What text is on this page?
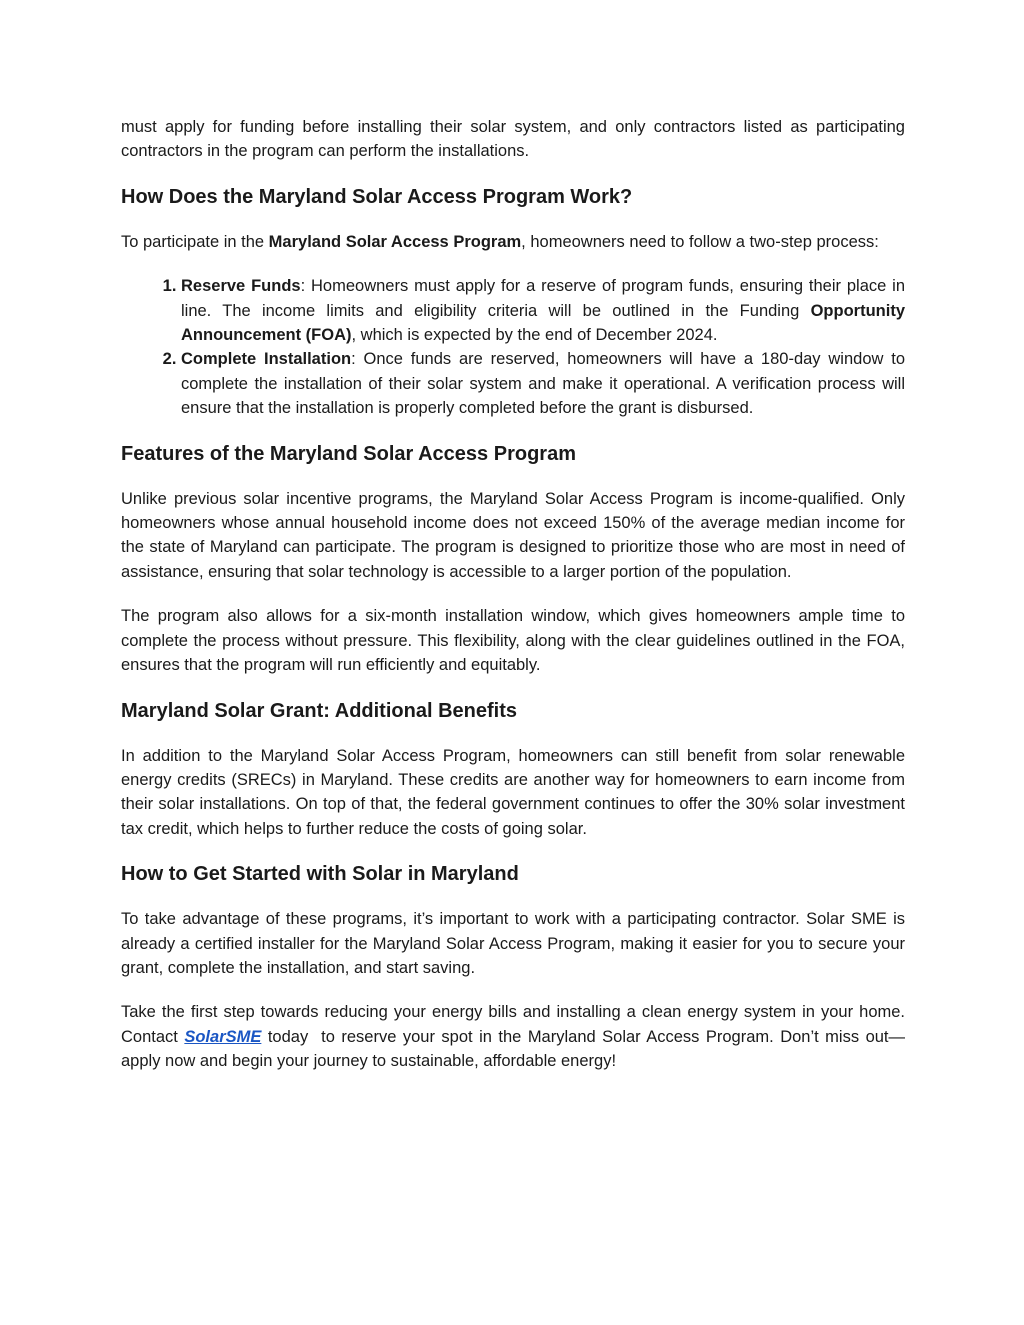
must apply for funding before installing their solar system, and only contractors listed as participating contractors in the program can perform the installations.

How Does the Maryland Solar Access Program Work?

To participate in the Maryland Solar Access Program, homeowners need to follow a two-step process:

1. Reserve Funds: Homeowners must apply for a reserve of program funds, ensuring their place in line. The income limits and eligibility criteria will be outlined in the Funding Opportunity Announcement (FOA), which is expected by the end of December 2024.
2. Complete Installation: Once funds are reserved, homeowners will have a 180-day window to complete the installation of their solar system and make it operational. A verification process will ensure that the installation is properly completed before the grant is disbursed.
Features of the Maryland Solar Access Program

Unlike previous solar incentive programs, the Maryland Solar Access Program is income-qualified. Only homeowners whose annual household income does not exceed 150% of the average median income for the state of Maryland can participate. The program is designed to prioritize those who are most in need of assistance, ensuring that solar technology is accessible to a larger portion of the population.

The program also allows for a six-month installation window, which gives homeowners ample time to complete the process without pressure. This flexibility, along with the clear guidelines outlined in the FOA, ensures that the program will run efficiently and equitably.

Maryland Solar Grant: Additional Benefits

In addition to the Maryland Solar Access Program, homeowners can still benefit from solar renewable energy credits (SRECs) in Maryland. These credits are another way for homeowners to earn income from their solar installations. On top of that, the federal government continues to offer the 30% solar investment tax credit, which helps to further reduce the costs of going solar.

How to Get Started with Solar in Maryland

To take advantage of these programs, it’s important to work with a participating contractor. Solar SME is already a certified installer for the Maryland Solar Access Program, making it easier for you to secure your grant, complete the installation, and start saving.

Take the first step towards reducing your energy bills and installing a clean energy system in your home. Contact SolarSME today  to reserve your spot in the Maryland Solar Access Program. Don’t miss out—apply now and begin your journey to sustainable, affordable energy!
